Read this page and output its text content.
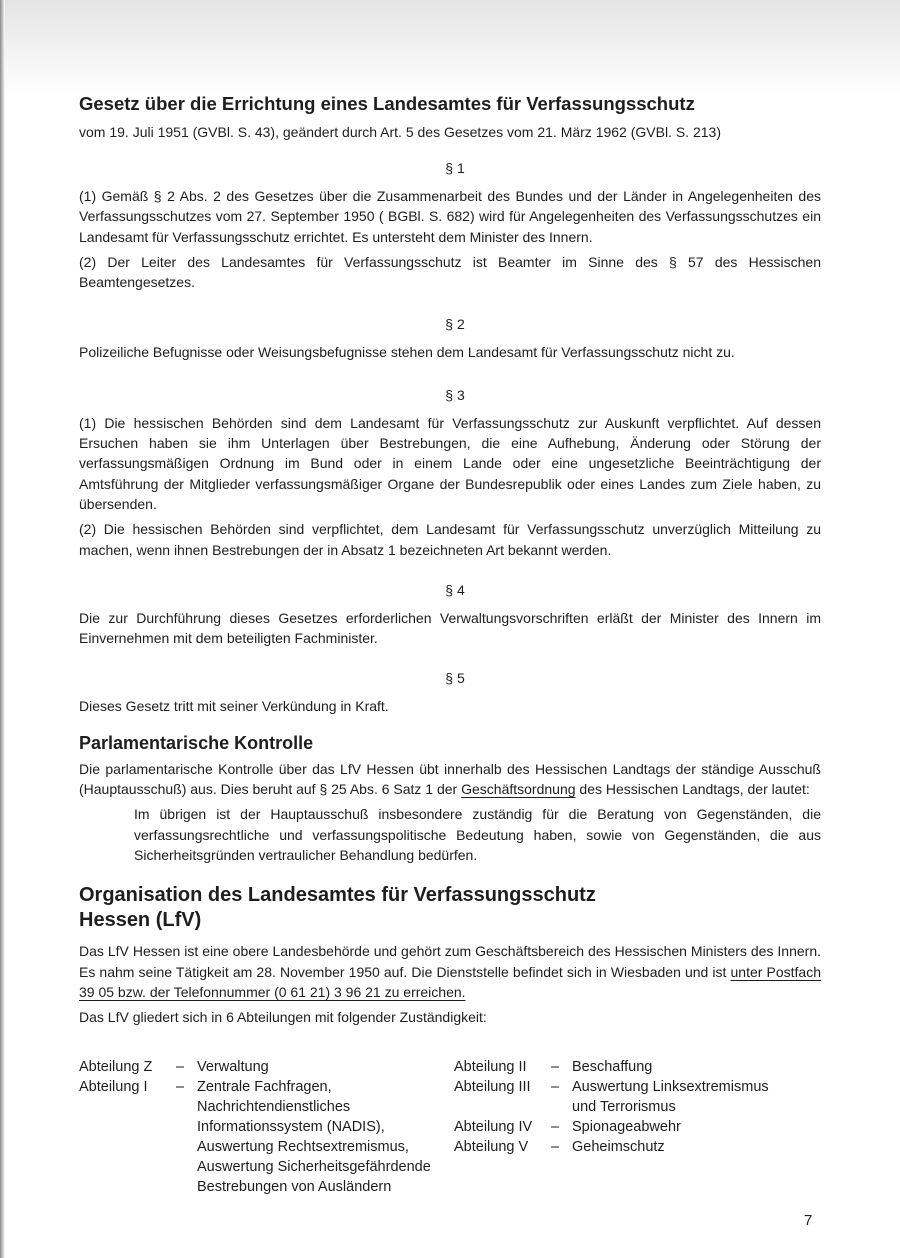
Gesetz über die Errichtung eines Landesamtes für Verfassungsschutz

vom 19. Juli 1951 (GVBl. S. 43), geändert durch Art. 5 des Gesetzes vom 21. März 1962 (GVBl. S. 213)

§ 1

(1) Gemäß § 2 Abs. 2 des Gesetzes über die Zusammenarbeit des Bundes und der Länder in Angelegenheiten des Verfassungsschutzes vom 27. September 1950 ( BGBl. S. 682) wird für Angelegenheiten des Verfassungsschutzes ein Landesamt für Verfassungsschutz errichtet. Es untersteht dem Minister des Innern.

(2) Der Leiter des Landesamtes für Verfassungsschutz ist Beamter im Sinne des § 57 des Hessischen Beamtengesetzes.

§ 2

Polizeiliche Befugnisse oder Weisungsbefugnisse stehen dem Landesamt für Verfassungsschutz nicht zu.

§ 3

(1) Die hessischen Behörden sind dem Landesamt für Verfassungsschutz zur Auskunft verpflichtet. Auf dessen Ersuchen haben sie ihm Unterlagen über Bestrebungen, die eine Aufhebung, Änderung oder Störung der verfassungsmäßigen Ordnung im Bund oder in einem Lande oder eine ungesetzliche Beeinträchtigung der Amtsführung der Mitglieder verfassungsmäßiger Organe der Bundesrepublik oder eines Landes zum Ziele haben, zu übersenden.

(2) Die hessischen Behörden sind verpflichtet, dem Landesamt für Verfassungsschutz unverzüglich Mitteilung zu machen, wenn ihnen Bestrebungen der in Absatz 1 bezeichneten Art bekannt werden.

§ 4

Die zur Durchführung dieses Gesetzes erforderlichen Verwaltungsvorschriften erläßt der Minister des Innern im Einvernehmen mit dem beteiligten Fachminister.

§ 5

Dieses Gesetz tritt mit seiner Verkündung in Kraft.

Parlamentarische Kontrolle

Die parlamentarische Kontrolle über das LfV Hessen übt innerhalb des Hessischen Landtags der ständige Ausschuß (Hauptausschuß) aus. Dies beruht auf § 25 Abs. 6 Satz 1 der Geschäftsordnung des Hessischen Landtags, der lautet:

Im übrigen ist der Hauptausschuß insbesondere zuständig für die Beratung von Gegenständen, die verfassungsrechtliche und verfassungspolitische Bedeutung haben, sowie von Gegenständen, die aus Sicherheitsgründen vertraulicher Behandlung bedürfen.

Organisation des Landesamtes für Verfassungsschutz
Hessen (LfV)

Das LfV Hessen ist eine obere Landesbehörde und gehört zum Geschäftsbereich des Hessischen Ministers des Innern. Es nahm seine Tätigkeit am 28. November 1950 auf. Die Dienststelle befindet sich in Wiesbaden und ist unter Postfach 39 05 bzw. der Telefonnummer (0 61 21) 3 96 21 zu erreichen.

Das LfV gliedert sich in 6 Abteilungen mit folgender Zuständigkeit:

Abteilung Z	– Verwaltung
Abteilung I	– Zentrale Fachfragen,
Nachrichtendienstliches
Informationssystem (NADIS),
Auswertung Rechtsextremismus,
Auswertung Sicherheitsgefährdende
Bestrebungen von Ausländern
Abteilung II	– Beschaffung
Abteilung III	– Auswertung Linksextremismus
und Terrorismus
Abteilung IV	– Spionageabwehr
Abteilung V	– Geheimschutz
7
